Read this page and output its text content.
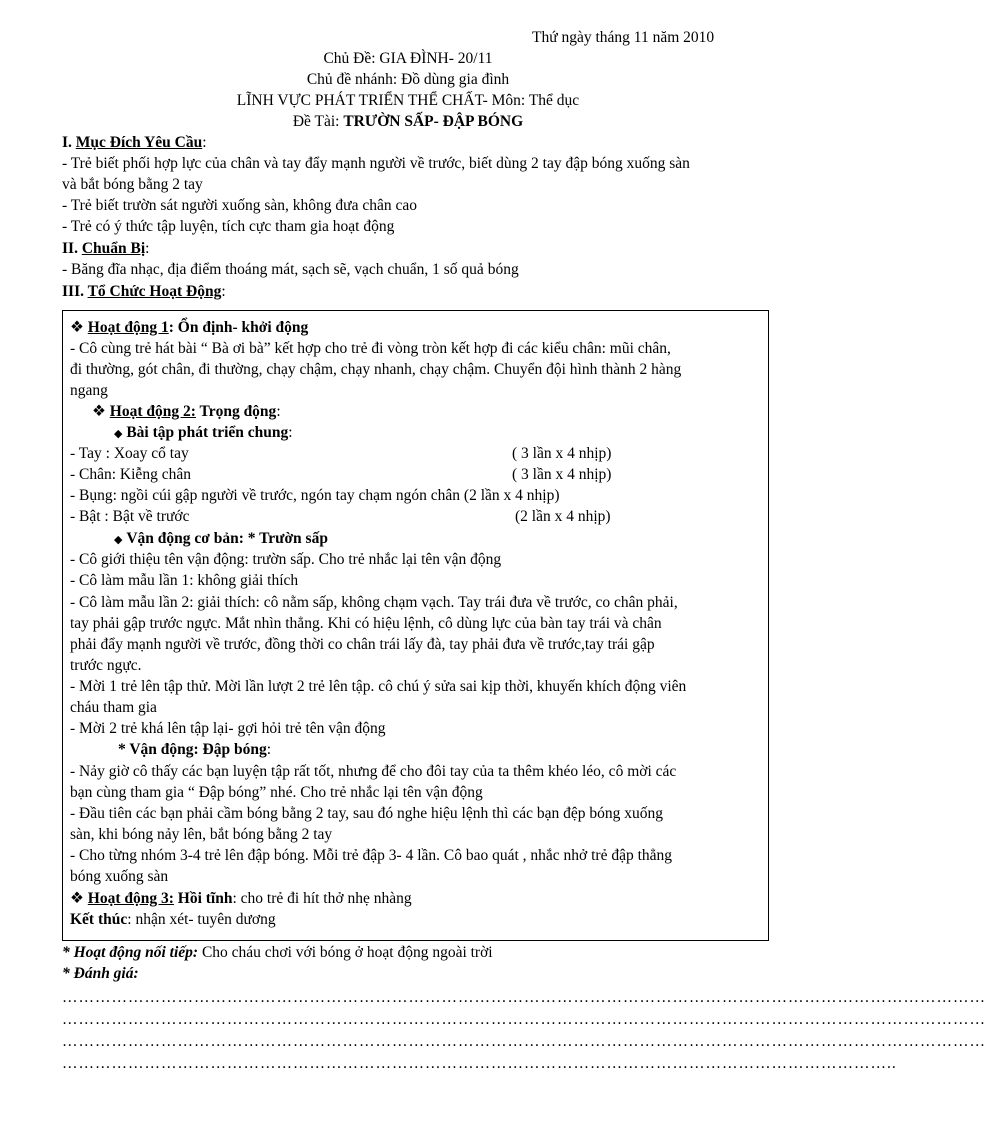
Thứ ngày tháng 11 năm 2010
Chủ Đề: GIA ĐÌNH- 20/11
Chủ đề nhánh: Đồ dùng gia đình
LĨNH VỰC PHÁT TRIỂN THỂ CHẤT- Môn: Thể dục
Đề Tài: TRƯỜN SẤP- ĐẬP BÓNG
I. Mục Đích Yêu Cầu:
- Trẻ biết phối hợp lực của chân và tay đẩy mạnh người về trước, biết dùng 2 tay đập bóng xuống sàn
và bắt bóng bằng 2 tay
- Trẻ biết trườn sát người xuống sàn, không đưa chân cao
- Trẻ có ý thức tập luyện, tích cực tham gia hoạt động
II. Chuẩn Bị:
- Băng đĩa nhạc, địa điểm thoáng mát, sạch sẽ, vạch chuẩn, 1 số quả bóng
III. Tổ Chức Hoạt Động:
❖ Hoạt động 1: Ổn định- khởi động
- Cô cùng trẻ hát bài “ Bà ơi bà” kết hợp cho trẻ đi vòng tròn kết hợp đi các kiểu chân: mũi chân,
đi thường, gót chân, đi thường, chạy chậm, chạy nhanh, chạy chậm. Chuyển đội hình thành 2 hàng
ngang
❖ Hoạt động 2: Trọng động:
◆ Bài tập phát triển chung:
- Tay : Xoay cổ tay	( 3 lần x 4 nhịp)
- Chân: Kiễng chân	( 3 lần x 4 nhịp)
- Bụng: ngồi cúi gập người về trước, ngón tay chạm ngón chân (2 lần x 4 nhịp)
- Bật : Bật về trước	(2 lần x 4 nhịp)
◆ Vận động cơ bản: * Trườn sấp
- Cô giới thiệu tên vận động: trườn sấp. Cho trẻ nhắc lại tên vận động
- Cô làm mẫu lần 1: không giải thích
- Cô làm mẫu lần 2: giải thích: cô nằm sấp, không chạm vạch. Tay trái đưa về trước, co chân phải,
tay phải gập trước ngực. Mắt nhìn thẳng. Khi có hiệu lệnh, cô dùng lực của bàn tay trái và chân
phải đẩy mạnh người về trước, đồng thời co chân trái lấy đà, tay phải đưa về trước,tay trái gập
trước ngực.
- Mời 1 trẻ lên tập thử. Mời lần lượt 2 trẻ lên tập. cô chú ý sửa sai kịp thời, khuyến khích động viên
cháu tham gia
- Mời 2 trẻ khá lên tập lại- gợi hỏi trẻ tên vận động
* Vận động: Đập bóng:
- Nảy giờ cô thấy các bạn luyện tập rất tốt, nhưng để cho đôi tay của ta thêm khéo léo, cô mời các
bạn cùng tham gia “ Đập bóng” nhé. Cho trẻ nhắc lại tên vận động
- Đầu tiên các bạn phải cầm bóng bằng 2 tay, sau đó nghe hiệu lệnh thì các bạn đệp bóng xuống
sàn, khi bóng nảy lên, bắt bóng bằng 2 tay
- Cho từng nhóm 3-4 trẻ lên đập bóng. Mỗi trẻ đập 3- 4 lần. Cô bao quát , nhắc nhở trẻ đập thẳng
bóng xuống sàn
❖ Hoạt động 3: Hồi tĩnh: cho trẻ đi hít thở nhẹ nhàng
Kết thúc: nhận xét- tuyên dương
* Hoạt động nối tiếp: Cho cháu chơi với bóng ở hoạt động ngoài trời
* Đánh giá:
……………………………………………………………………………………………………………………………………………………
……………………………………………………………………………………………………………………………………………………
……………………………………………………………………………………………………………………………………………………
……………………………………………………………………………………………………………………………………..
